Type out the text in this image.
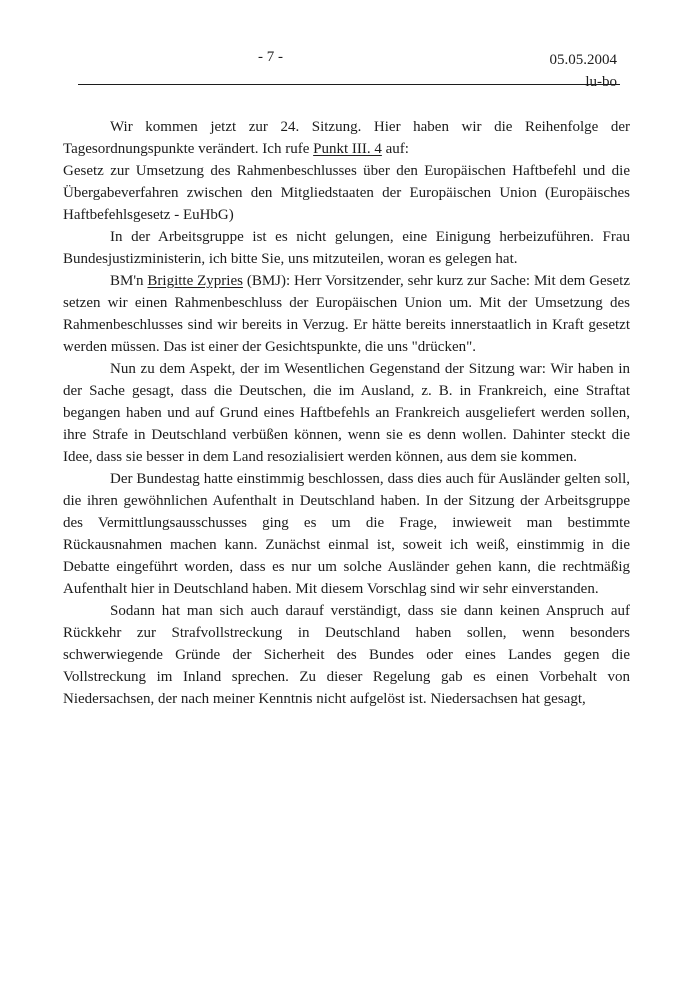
- 7 -	05.05.2004
lu-bo

Wir kommen jetzt zur 24. Sitzung. Hier haben wir die Reihenfolge der Tagesordnungspunkte verändert. Ich rufe Punkt III. 4 auf:

Gesetz zur Umsetzung des Rahmenbeschlusses über den Europäischen Haftbefehl und die Übergabeverfahren zwischen den Mitgliedstaaten der Europäischen Union (Europäisches Haftbefehlsgesetz - EuHbG)

In der Arbeitsgruppe ist es nicht gelungen, eine Einigung herbeizuführen. Frau Bundesjustizministerin, ich bitte Sie, uns mitzuteilen, woran es gelegen hat.

BM'n Brigitte Zypries (BMJ): Herr Vorsitzender, sehr kurz zur Sache: Mit dem Gesetz setzen wir einen Rahmenbeschluss der Europäischen Union um. Mit der Umsetzung des Rahmenbeschlusses sind wir bereits in Verzug. Er hätte bereits innerstaatlich in Kraft gesetzt werden müssen. Das ist einer der Gesichtspunkte, die uns "drücken".

Nun zu dem Aspekt, der im Wesentlichen Gegenstand der Sitzung war: Wir haben in der Sache gesagt, dass die Deutschen, die im Ausland, z. B. in Frankreich, eine Straftat begangen haben und auf Grund eines Haftbefehls an Frankreich ausgeliefert werden sollen, ihre Strafe in Deutschland verbüßen können, wenn sie es denn wollen. Dahinter steckt die Idee, dass sie besser in dem Land resozialisiert werden können, aus dem sie kommen.

Der Bundestag hatte einstimmig beschlossen, dass dies auch für Ausländer gelten soll, die ihren gewöhnlichen Aufenthalt in Deutschland haben. In der Sitzung der Arbeitsgruppe des Vermittlungsausschusses ging es um die Frage, inwieweit man bestimmte Rückausnahmen machen kann. Zunächst einmal ist, soweit ich weiß, einstimmig in die Debatte eingeführt worden, dass es nur um solche Ausländer gehen kann, die rechtmäßig Aufenthalt hier in Deutschland haben. Mit diesem Vorschlag sind wir sehr einverstanden.

Sodann hat man sich auch darauf verständigt, dass sie dann keinen Anspruch auf Rückkehr zur Strafvollstreckung in Deutschland haben sollen, wenn besonders schwerwiegende Gründe der Sicherheit des Bundes oder eines Landes gegen die Vollstreckung im Inland sprechen. Zu dieser Regelung gab es einen Vorbehalt von Niedersachsen, der nach meiner Kenntnis nicht aufgelöst ist. Niedersachsen hat gesagt,
